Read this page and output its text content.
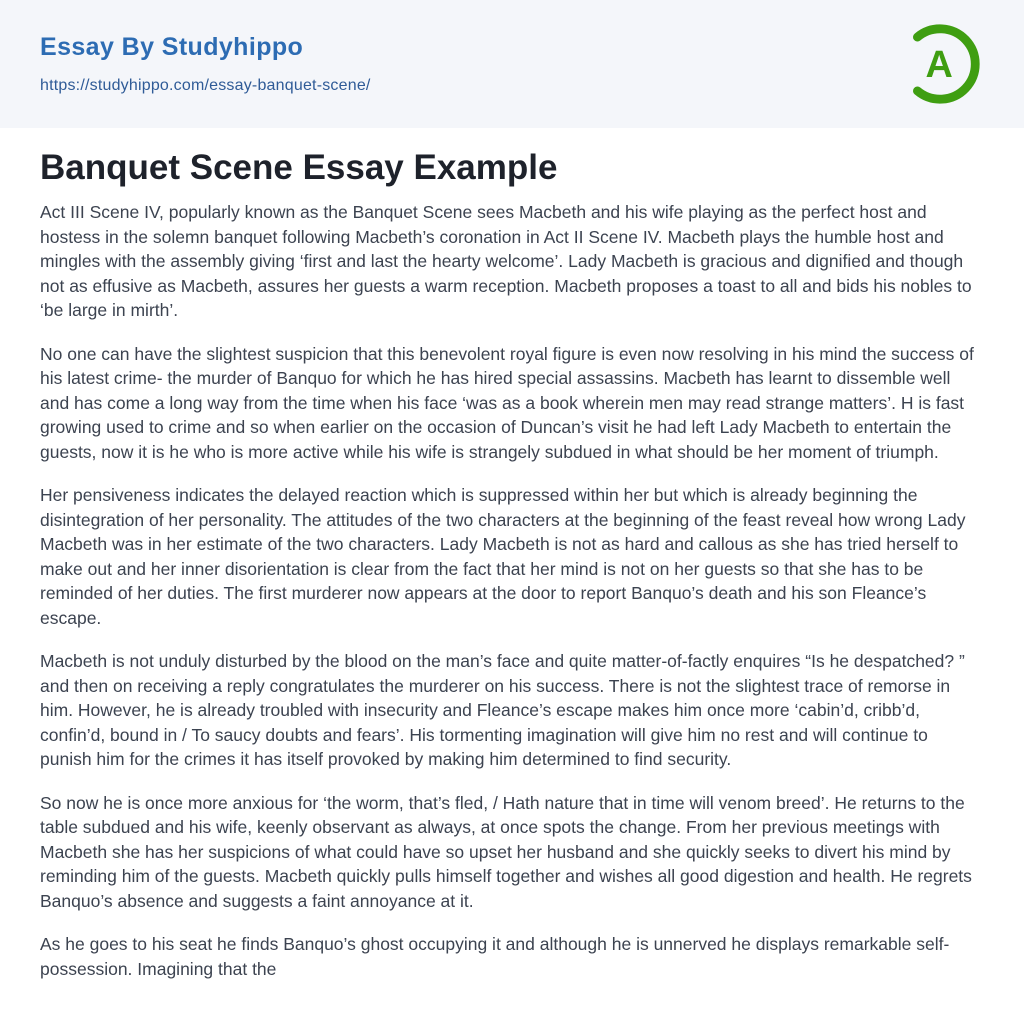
Essay By Studyhippo
https://studyhippo.com/essay-banquet-scene/	A
Banquet Scene Essay Example

Act III Scene IV, popularly known as the Banquet Scene sees Macbeth and his wife playing as the perfect host and hostess in the solemn banquet following Macbeth’s coronation in Act II Scene IV. Macbeth plays the humble host and mingles with the assembly giving ‘first and last the hearty welcome’. Lady Macbeth is gracious and dignified and though not as effusive as Macbeth, assures her guests a warm reception. Macbeth proposes a toast to all and bids his nobles to ‘be large in mirth’.

No one can have the slightest suspicion that this benevolent royal figure is even now resolving in his mind the success of his latest crime- the murder of Banquo for which he has hired special assassins. Macbeth has learnt to dissemble well and has come a long way from the time when his face ‘was as a book wherein men may read strange matters’. H is fast growing used to crime and so when earlier on the occasion of Duncan’s visit he had left Lady Macbeth to entertain the guests, now it is he who is more active while his wife is strangely subdued in what should be her moment of triumph.

Her pensiveness indicates the delayed reaction which is suppressed within her but which is already beginning the disintegration of her personality. The attitudes of the two characters at the beginning of the feast reveal how wrong Lady Macbeth was in her estimate of the two characters. Lady Macbeth is not as hard and callous as she has tried herself to make out and her inner disorientation is clear from the fact that her mind is not on her guests so that she has to be reminded of her duties. The first murderer now appears at the door to report Banquo’s death and his son Fleance’s escape.

Macbeth is not unduly disturbed by the blood on the man’s face and quite matter-of-factly enquires “Is he despatched? ” and then on receiving a reply congratulates the murderer on his success. There is not the slightest trace of remorse in him. However, he is already troubled with insecurity and Fleance’s escape makes him once more ‘cabin’d, cribb’d, confin’d, bound in / To saucy doubts and fears’. His tormenting imagination will give him no rest and will continue to punish him for the crimes it has itself provoked by making him determined to find security.

So now he is once more anxious for ‘the worm, that’s fled, / Hath nature that in time will venom breed’. He returns to the table subdued and his wife, keenly observant as always, at once spots the change. From her previous meetings with Macbeth she has her suspicions of what could have so upset her husband and she quickly seeks to divert his mind by reminding him of the guests. Macbeth quickly pulls himself together and wishes all good digestion and health. He regrets Banquo’s absence and suggests a faint annoyance at it.

As he goes to his seat he finds Banquo’s ghost occupying it and although he is unnerved he displays remarkable self-possession. Imagining that the
